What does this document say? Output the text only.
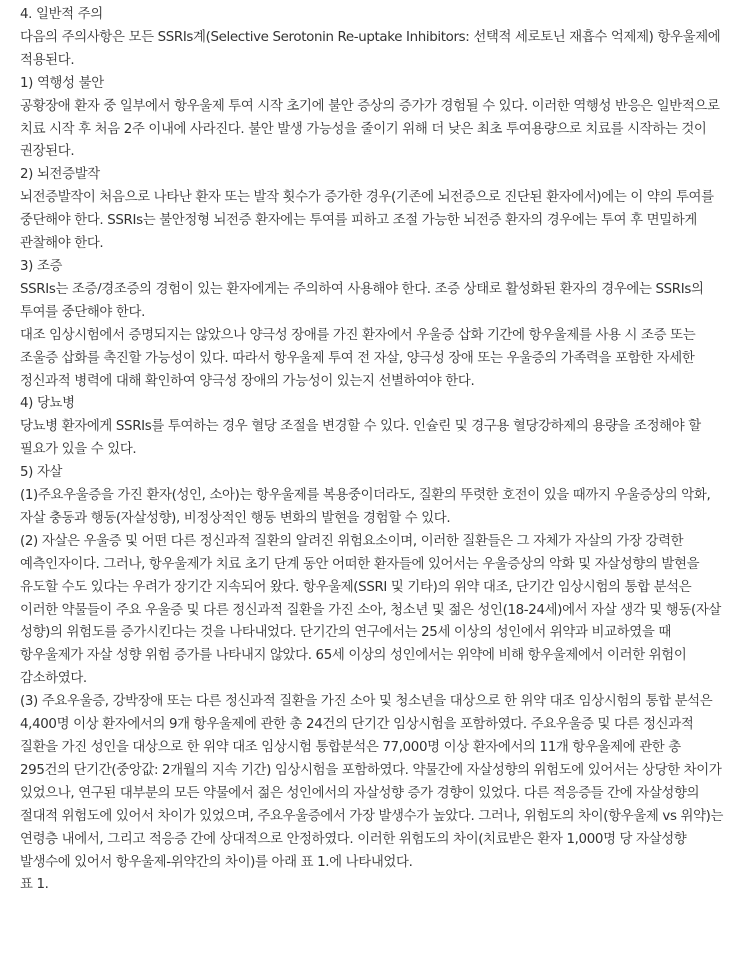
4. 일반적 주의

다음의 주의사항은 모든 SSRIs계(Selective Serotonin Re-uptake Inhibitors: 선택적 세로토닌 재흡수 억제제) 항우울제에 적용된다.

1) 역행성 불안

공황장애 환자 중 일부에서 항우울제 투여 시작 초기에 불안 증상의 증가가 경험될 수 있다. 이러한 역행성 반응은 일반적으로 치료 시작 후 처음 2주 이내에 사라진다. 불안 발생 가능성을 줄이기 위해 더 낮은 최초 투여용량으로 치료를 시작하는 것이 권장된다.

2) 뇌전증발작

뇌전증발작이 처음으로 나타난 환자 또는 발작 횟수가 증가한 경우(기존에 뇌전증으로 진단된 환자에서)에는 이 약의 투여를 중단해야 한다. SSRIs는 불안정형 뇌전증 환자에는 투여를 피하고 조절 가능한 뇌전증 환자의 경우에는 투여 후 면밀하게 관찰해야 한다.

3) 조증

SSRIs는 조증/경조증의 경험이 있는 환자에게는 주의하여 사용해야 한다. 조증 상태로 활성화된 환자의 경우에는 SSRIs의 투여를 중단해야 한다.

대조 임상시험에서 증명되지는 않았으나 양극성 장애를 가진 환자에서 우울증 삽화 기간에 항우울제를 사용 시 조증 또는 조울증 삽화를 촉진할 가능성이 있다. 따라서 항우울제 투여 전 자살, 양극성 장애 또는 우울증의 가족력을 포함한 자세한 정신과적 병력에 대해 확인하여 양극성 장애의 가능성이 있는지 선별하여야 한다.

4) 당뇨병

당뇨병 환자에게 SSRIs를 투여하는 경우 혈당 조절을 변경할 수 있다. 인슐린 및 경구용 혈당강하제의 용량을 조정해야 할 필요가 있을 수 있다.

5) 자살

(1)주요우울증을 가진 환자(성인, 소아)는 항우울제를 복용중이더라도, 질환의 뚜렷한 호전이 있을 때까지 우울증상의 악화, 자살 충동과 행동(자살성향), 비정상적인 행동 변화의 발현을 경험할 수 있다.

(2) 자살은 우울증 및 어떤 다른 정신과적 질환의 알려진 위험요소이며, 이러한 질환들은 그 자체가 자살의 가장 강력한 예측인자이다. 그러나, 항우울제가 치료 초기 단계 동안 어떠한 환자들에 있어서는 우울증상의 악화 및 자살성향의 발현을 유도할 수도 있다는 우려가 장기간 지속되어 왔다. 항우울제(SSRI 및 기타)의 위약 대조, 단기간 임상시험의 통합 분석은 이러한 약물들이 주요 우울증 및 다른 정신과적 질환을 가진 소아, 청소년 및 젊은 성인(18-24세)에서 자살 생각 및 행동(자살 성향)의 위험도를 증가시킨다는 것을 나타내었다. 단기간의 연구에서는 25세 이상의 성인에서 위약과 비교하였을 때 항우울제가 자살 성향 위험 증가를 나타내지 않았다. 65세 이상의 성인에서는 위약에 비해 항우울제에서 이러한 위험이 감소하였다.

(3) 주요우울증, 강박장애 또는 다른 정신과적 질환을 가진 소아 및 청소년을 대상으로 한 위약 대조 임상시험의 통합 분석은 4,400명 이상 환자에서의 9개 항우울제에 관한 총 24건의 단기간 임상시험을 포함하였다. 주요우울증 및 다른 정신과적 질환을 가진 성인을 대상으로 한 위약 대조 임상시험 통합분석은 77,000명 이상 환자에서의 11개 항우울제에 관한 총 295건의 단기간(중앙값: 2개월의 지속 기간) 임상시험을 포함하였다. 약물간에 자살성향의 위험도에 있어서는 상당한 차이가 있었으나, 연구된 대부분의 모든 약물에서 젊은 성인에서의 자살성향 증가 경향이 있었다. 다른 적응증들 간에 자살성향의 절대적 위험도에 있어서 차이가 있었으며, 주요우울증에서 가장 발생수가 높았다. 그러나, 위험도의 차이(항우울제 vs 위약)는 연령층 내에서, 그리고 적응증 간에 상대적으로 안정하였다. 이러한 위험도의 차이(치료받은 환자 1,000명 당 자살성향 발생수에 있어서 항우울제-위약간의 차이)를 아래 표 1.에 나타내었다.

표 1.
